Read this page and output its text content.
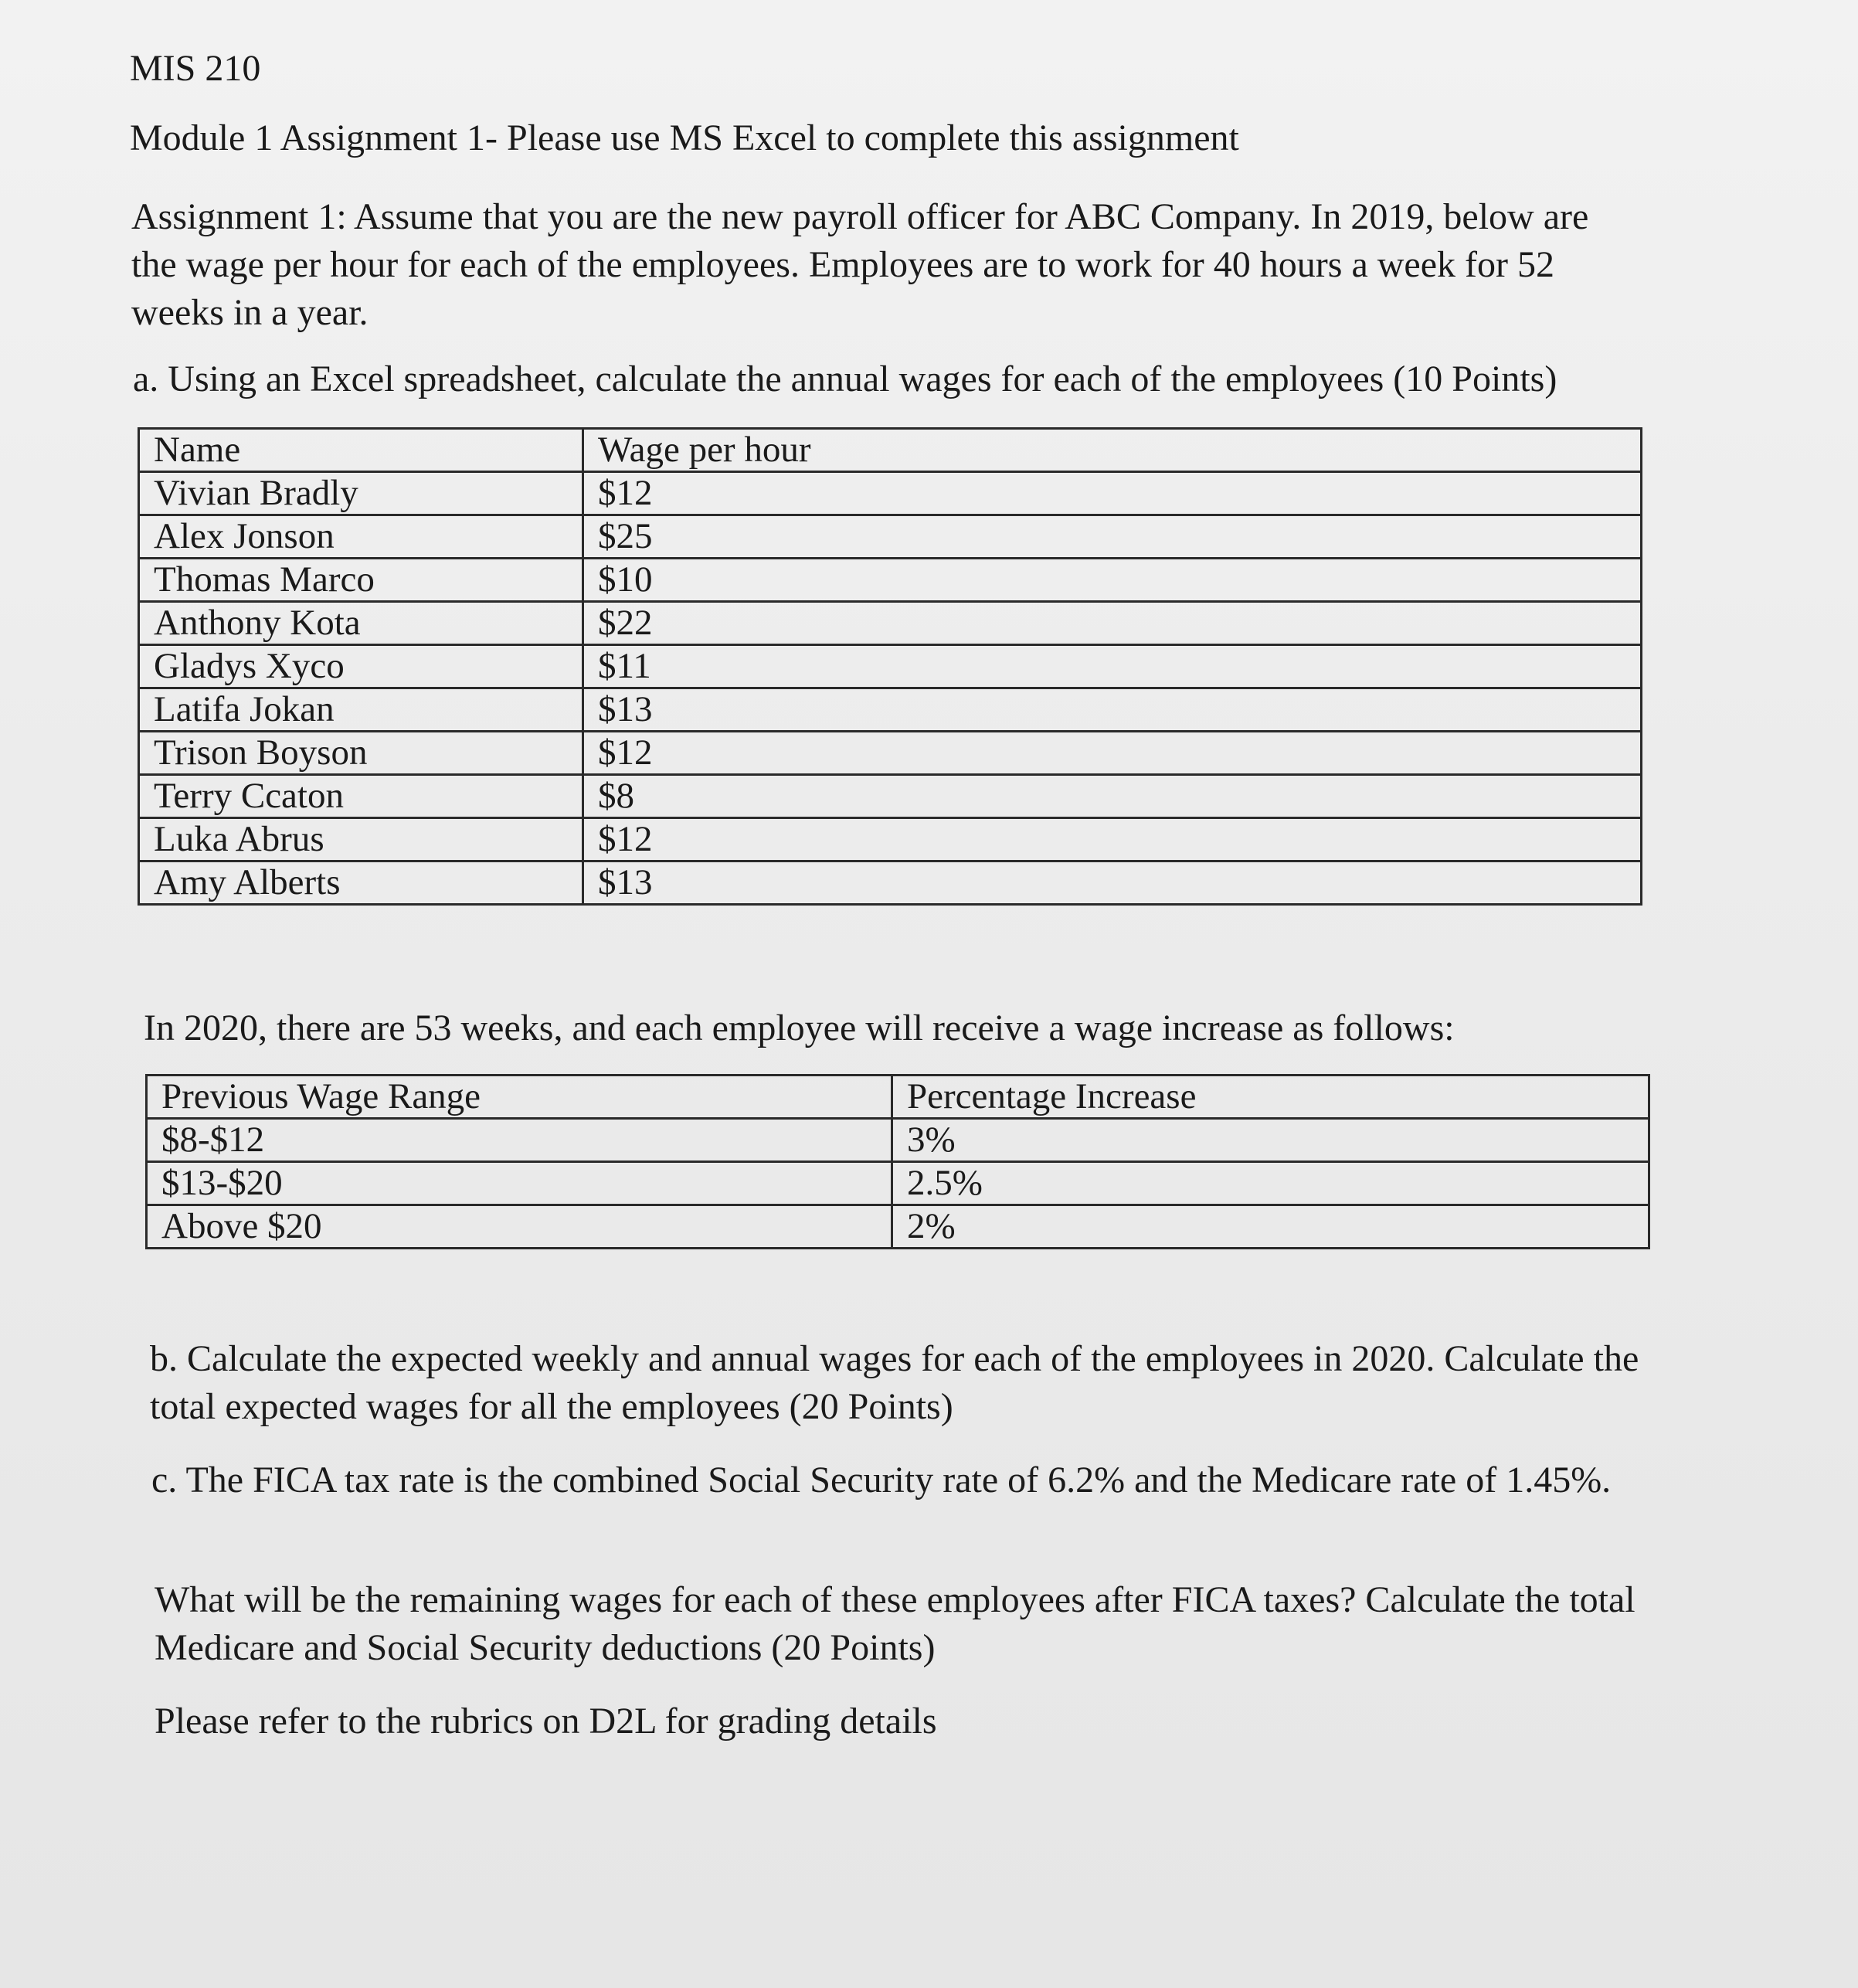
MIS 210
Module 1 Assignment 1- Please use MS Excel to complete this assignment
Assignment 1: Assume that you are the new payroll officer for ABC Company. In 2019, below are the wage per hour for each of the employees. Employees are to work for 40 hours a week for 52 weeks in a year.
a. Using an Excel spreadsheet, calculate the annual wages for each of the employees (10 Points)
Name	Wage per hour
Vivian Bradly	$12
Alex Jonson	$25
Thomas Marco	$10
Anthony Kota	$22
Gladys Xyco	$11
Latifa Jokan	$13
Trison Boyson	$12
Terry Ccaton	$8
Luka Abrus	$12
Amy Alberts	$13
In 2020, there are 53 weeks, and each employee will receive a wage increase as follows:
Previous Wage Range	Percentage Increase
$8-$12	3%
$13-$20	2.5%
Above $20	2%
b. Calculate the expected weekly and annual wages for each of the employees in 2020. Calculate the total expected wages for all the employees (20 Points)
c. The FICA tax rate is the combined Social Security rate of 6.2% and the Medicare rate of 1.45%.
What will be the remaining wages for each of these employees after FICA taxes? Calculate the total Medicare and Social Security deductions (20 Points)
Please refer to the rubrics on D2L for grading details
